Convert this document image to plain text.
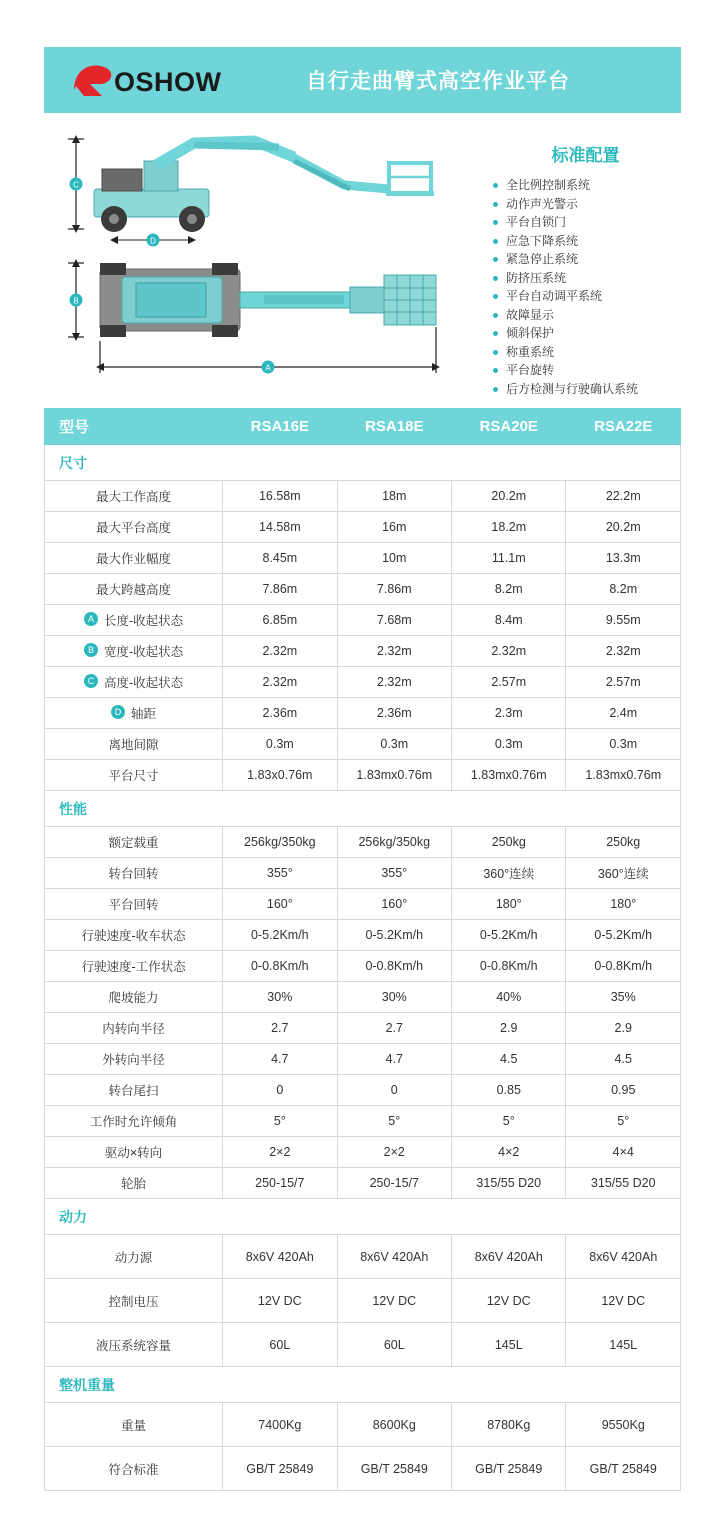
OSHOW	自行走曲臂式高空作业平台
C
D
B
A
标准配置
全比例控制系统
动作声光警示
平台自锁门
应急下降系统
紧急停止系统
防挤压系统
平台自动调平系统
故障显示
倾斜保护
称重系统
平台旋转
后方检测与行驶确认系统
型号	RSA16E	RSA18E	RSA20E	RSA22E
尺寸				
最大工作高度	16.58m	18m	20.2m	22.2m
最大平台高度	14.58m	16m	18.2m	20.2m
最大作业幅度	8.45m	10m	11.1m	13.3m
最大跨越高度	7.86m	7.86m	8.2m	8.2m
A 长度-收起状态	6.85m	7.68m	8.4m	9.55m
B 宽度-收起状态	2.32m	2.32m	2.32m	2.32m
C 高度-收起状态	2.32m	2.32m	2.57m	2.57m
D 轴距	2.36m	2.36m	2.3m	2.4m
离地间隙	0.3m	0.3m	0.3m	0.3m
平台尺寸	1.83x0.76m	1.83mx0.76m	1.83mx0.76m	1.83mx0.76m
性能				
额定载重	256kg/350kg	256kg/350kg	250kg	250kg
转台回转	355°	355°	360°连续	360°连续
平台回转	160°	160°	180°	180°
行驶速度-收车状态	0-5.2Km/h	0-5.2Km/h	0-5.2Km/h	0-5.2Km/h
行驶速度-工作状态	0-0.8Km/h	0-0.8Km/h	0-0.8Km/h	0-0.8Km/h
爬坡能力	30%	30%	40%	35%
内转向半径	2.7	2.7	2.9	2.9
外转向半径	4.7	4.7	4.5	4.5
转台尾扫	0	0	0.85	0.95
工作时允许倾角	5°	5°	5°	5°
驱动×转向	2×2	2×2	4×2	4×4
轮胎	250-15/7	250-15/7	315/55 D20	315/55 D20
动力				
动力源	8x6V 420Ah	8x6V 420Ah	8x6V 420Ah	8x6V 420Ah
控制电压	12V DC	12V DC	12V DC	12V DC
液压系统容量	60L	60L	145L	145L
整机重量				
重量	7400Kg	8600Kg	8780Kg	9550Kg
符合标准	GB/T 25849	GB/T 25849	GB/T 25849	GB/T 25849
